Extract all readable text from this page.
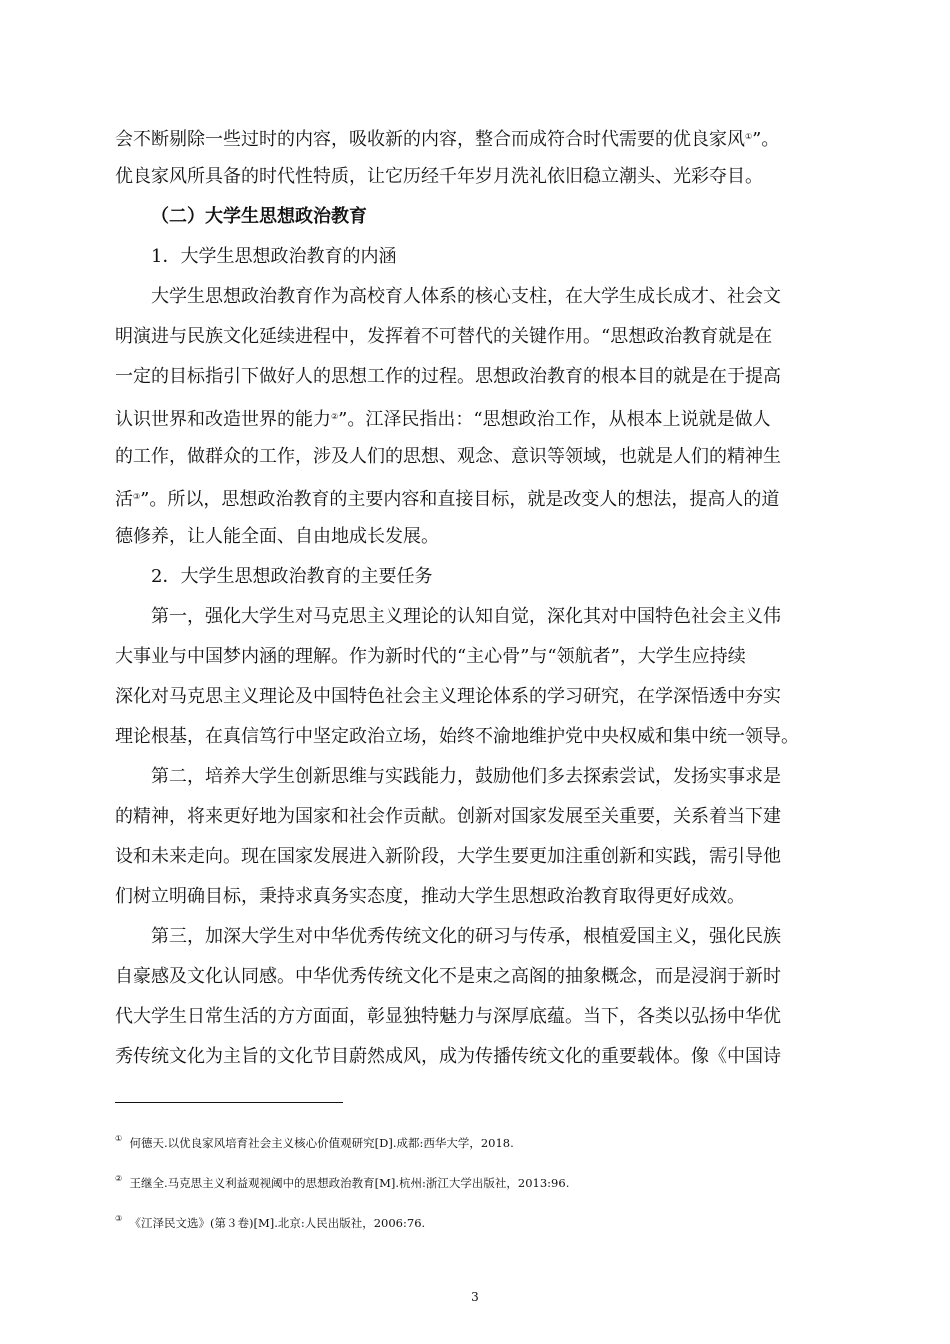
会不断剔除一些过时的内容，吸收新的内容，整合而成符合时代需要的优良家风①”。
优良家风所具备的时代性特质，让它历经千年岁月洗礼依旧稳立潮头、光彩夺目。
（二）大学生思想政治教育
1．大学生思想政治教育的内涵
大学生思想政治教育作为高校育人体系的核心支柱，在大学生成长成才、社会文
明演进与民族文化延续进程中，发挥着不可替代的关键作用。“思想政治教育就是在
一定的目标指引下做好人的思想工作的过程。思想政治教育的根本目的就是在于提高
认识世界和改造世界的能力②”。江泽民指出：“思想政治工作，从根本上说就是做人
的工作，做群众的工作，涉及人们的思想、观念、意识等领域，也就是人们的精神生
活③”。所以，思想政治教育的主要内容和直接目标，就是改变人的想法，提高人的道
德修养，让人能全面、自由地成长发展。
2．大学生思想政治教育的主要任务
第一，强化大学生对马克思主义理论的认知自觉，深化其对中国特色社会主义伟
大事业与中国梦内涵的理解。作为新时代的“主心骨”与“领航者”，大学生应持续
深化对马克思主义理论及中国特色社会主义理论体系的学习研究，在学深悟透中夯实
理论根基，在真信笃行中坚定政治立场，始终不渝地维护党中央权威和集中统一领导。
第二，培养大学生创新思维与实践能力，鼓励他们多去探索尝试，发扬实事求是
的精神，将来更好地为国家和社会作贡献。创新对国家发展至关重要，关系着当下建
设和未来走向。现在国家发展进入新阶段，大学生要更加注重创新和实践，需引导他
们树立明确目标，秉持求真务实态度，推动大学生思想政治教育取得更好成效。
第三，加深大学生对中华优秀传统文化的研习与传承，根植爱国主义，强化民族
自豪感及文化认同感。中华优秀传统文化不是束之高阁的抽象概念，而是浸润于新时
代大学生日常生活的方方面面，彰显独特魅力与深厚底蕴。当下，各类以弘扬中华优
秀传统文化为主旨的文化节目蔚然成风，成为传播传统文化的重要载体。像《中国诗
① 何德天.以优良家风培育社会主义核心价值观研究[D].成都:西华大学，2018.
② 王继全.马克思主义利益观视阈中的思想政治教育[M].杭州:浙江大学出版社，2013:96.
③ 《江泽民文选》(第３卷)[M].北京:人民出版社，2006:76.
3
